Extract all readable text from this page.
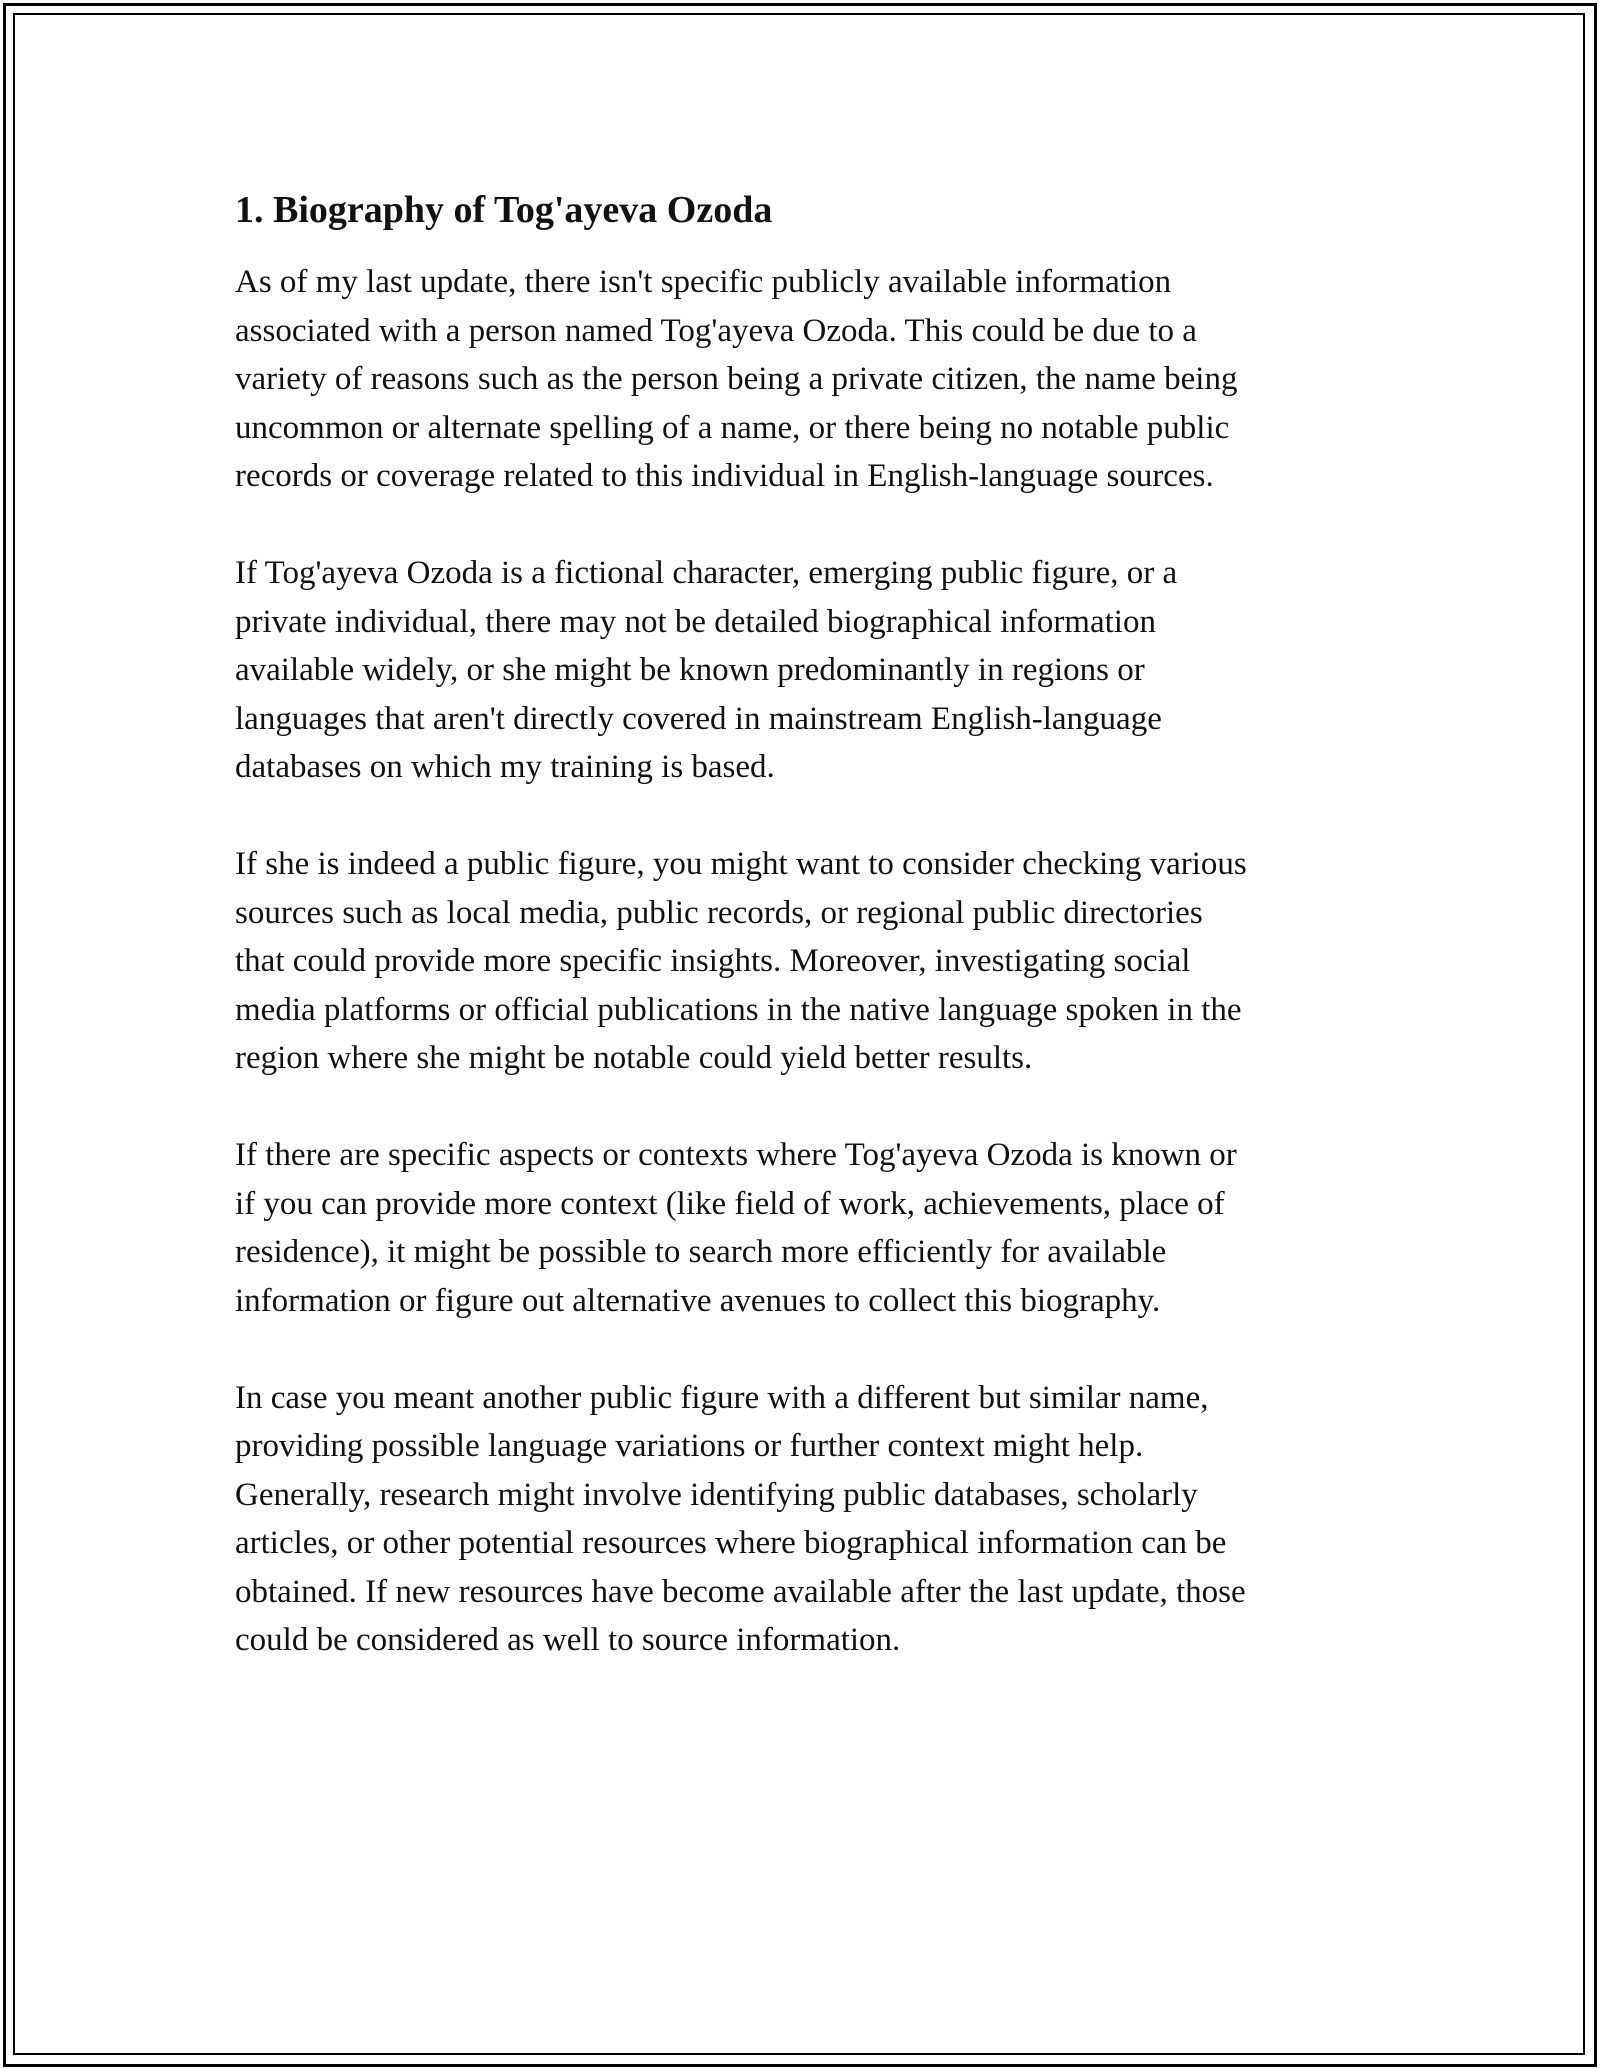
1. Biography of Tog'ayeva Ozoda

As of my last update, there isn't specific publicly available information
associated with a person named Tog'ayeva Ozoda. This could be due to a
variety of reasons such as the person being a private citizen, the name being
uncommon or alternate spelling of a name, or there being no notable public
records or coverage related to this individual in English-language sources.

If Tog'ayeva Ozoda is a fictional character, emerging public figure, or a
private individual, there may not be detailed biographical information
available widely, or she might be known predominantly in regions or
languages that aren't directly covered in mainstream English-language
databases on which my training is based.

If she is indeed a public figure, you might want to consider checking various
sources such as local media, public records, or regional public directories
that could provide more specific insights. Moreover, investigating social
media platforms or official publications in the native language spoken in the
region where she might be notable could yield better results.

If there are specific aspects or contexts where Tog'ayeva Ozoda is known or
if you can provide more context (like field of work, achievements, place of
residence), it might be possible to search more efficiently for available
information or figure out alternative avenues to collect this biography.

In case you meant another public figure with a different but similar name,
providing possible language variations or further context might help.
Generally, research might involve identifying public databases, scholarly
articles, or other potential resources where biographical information can be
obtained. If new resources have become available after the last update, those
could be considered as well to source information.
